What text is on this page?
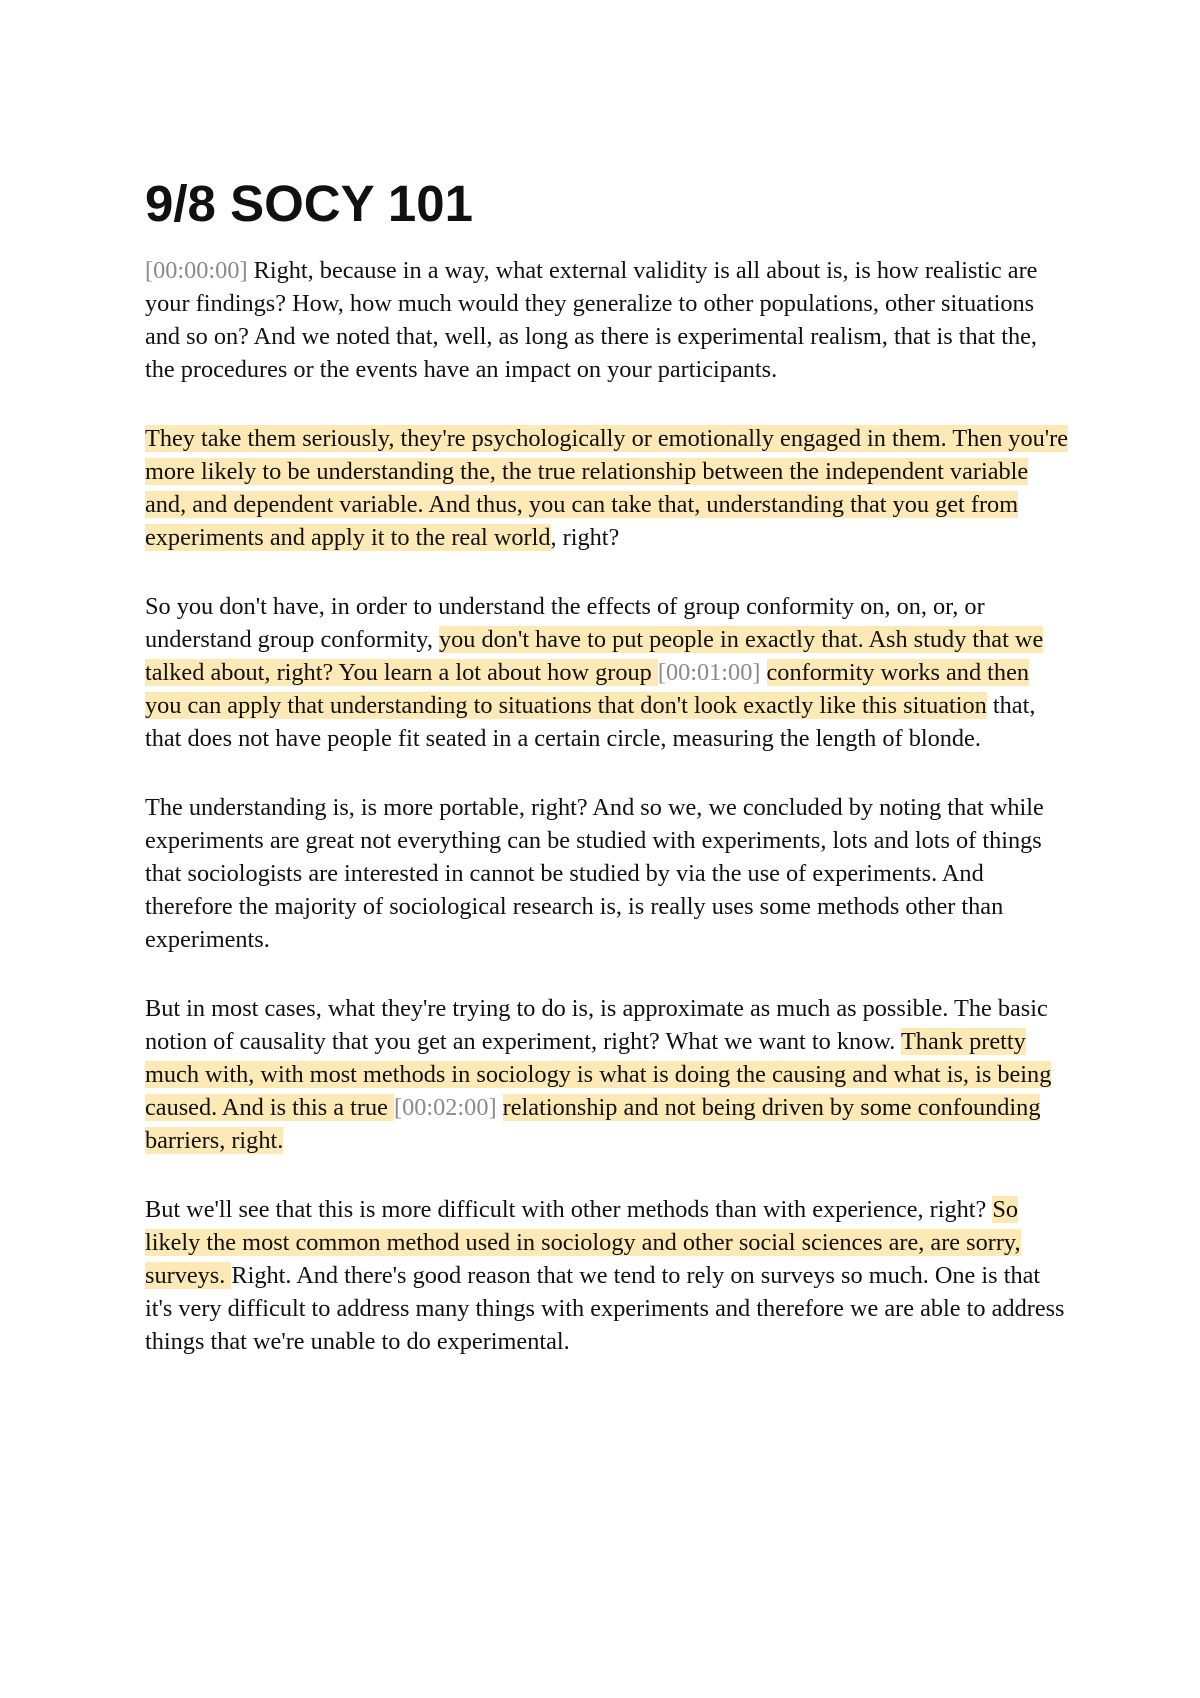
9/8 SOCY 101

[00:00:00] Right, because in a way, what external validity is all about is, is how realistic are your findings? How, how much would they generalize to other populations, other situations and so on? And we noted that, well, as long as there is experimental realism, that is that the, the procedures or the events have an impact on your participants.

They take them seriously, they're psychologically or emotionally engaged in them. Then you're more likely to be understanding the, the true relationship between the independent variable and, and dependent variable. And thus, you can take that, understanding that you get from experiments and apply it to the real world, right?

So you don't have, in order to understand the effects of group conformity on, on, or, or understand group conformity, you don't have to put people in exactly that. Ash study that we talked about, right? You learn a lot about how group [00:01:00] conformity works and then you can apply that understanding to situations that don't look exactly like this situation that, that does not have people fit seated in a certain circle, measuring the length of blonde.

The understanding is, is more portable, right? And so we, we concluded by noting that while experiments are great not everything can be studied with experiments, lots and lots of things that sociologists are interested in cannot be studied by via the use of experiments. And therefore the majority of sociological research is, is really uses some methods other than experiments.

But in most cases, what they're trying to do is, is approximate as much as possible. The basic notion of causality that you get an experiment, right? What we want to know. Thank pretty much with, with most methods in sociology is what is doing the causing and what is, is being caused. And is this a true [00:02:00] relationship and not being driven by some confounding barriers, right.

But we'll see that this is more difficult with other methods than with experience, right? So likely the most common method used in sociology and other social sciences are, are sorry, surveys. Right. And there's good reason that we tend to rely on surveys so much. One is that it's very difficult to address many things with experiments and therefore we are able to address things that we're unable to do experimental.
